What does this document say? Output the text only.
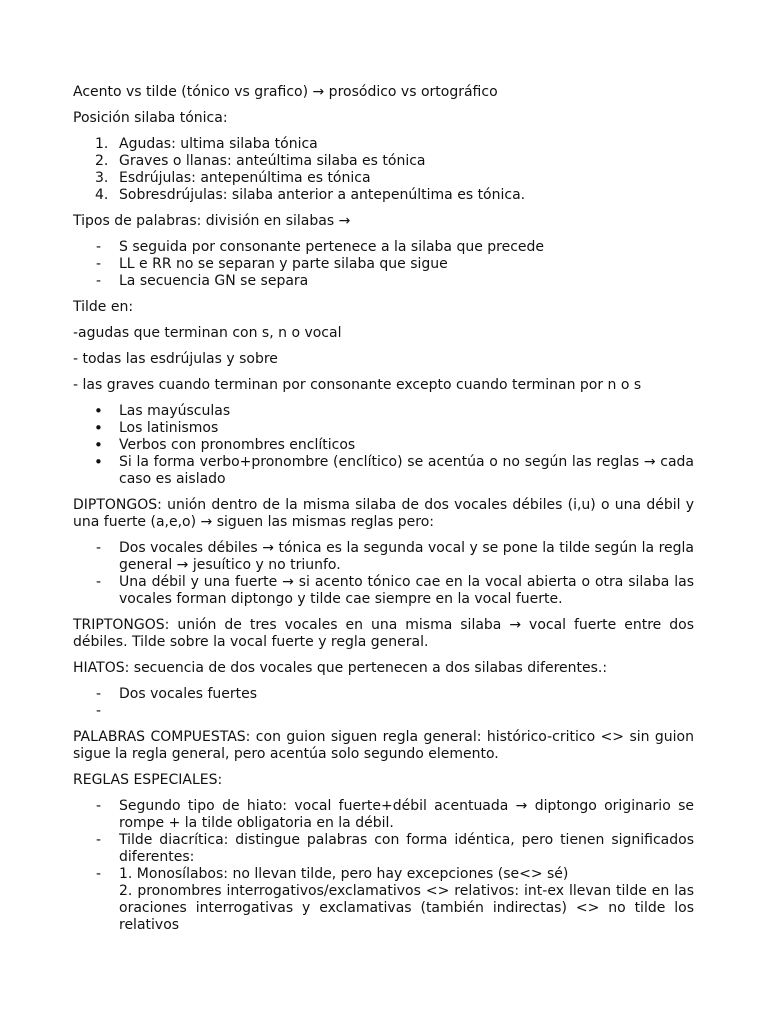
Acento vs tilde (tónico vs grafico) → prosódico vs ortográfico

Posición silaba tónica:

1. Agudas: ultima silaba tónica
2. Graves o llanas: anteúltima silaba es tónica
3. Esdrújulas: antepenúltima es tónica
4. Sobresdrújulas: silaba anterior a antepenúltima es tónica.

Tipos de palabras: división en silabas →

- S seguida por consonante pertenece a la silaba que precede
- LL e RR no se separan y parte silaba que sigue
- La secuencia GN se separa

Tilde en:

-agudas que terminan con s, n o vocal

- todas las esdrújulas y sobre

- las graves cuando terminan por consonante excepto cuando terminan por n o s

• Las mayúsculas
• Los latinismos
• Verbos con pronombres enclíticos
• Si la forma verbo+pronombre (enclítico) se acentúa o no según las reglas → cada caso es aislado

DIPTONGOS: unión dentro de la misma silaba de dos vocales débiles (i,u) o una débil y una fuerte (a,e,o) → siguen las mismas reglas pero:

- Dos vocales débiles → tónica es la segunda vocal y se pone la tilde según la regla general → jesuítico y no triunfo.
- Una débil y una fuerte → si acento tónico cae en la vocal abierta o otra silaba las vocales forman diptongo y tilde cae siempre en la vocal fuerte.

TRIPTONGOS: unión de tres vocales en una misma silaba → vocal fuerte entre dos débiles. Tilde sobre la vocal fuerte y regla general.

HIATOS: secuencia de dos vocales que pertenecen a dos silabas diferentes.:

- Dos vocales fuertes
-

PALABRAS COMPUESTAS: con guion siguen regla general: histórico-critico <> sin guion sigue la regla general, pero acentúa solo segundo elemento.

REGLAS ESPECIALES:

- Segundo tipo de hiato: vocal fuerte+débil acentuada → diptongo originario se rompe + la tilde obligatoria en la débil.
- Tilde diacrítica: distingue palabras con forma idéntica, pero tienen significados diferentes:
- 1. Monosílabos: no llevan tilde, pero hay excepciones (se<> sé)
2. pronombres interrogativos/exclamativos <> relativos: int-ex llevan tilde en las oraciones interrogativas y exclamativas (también indirectas) <> no tilde los relativos
